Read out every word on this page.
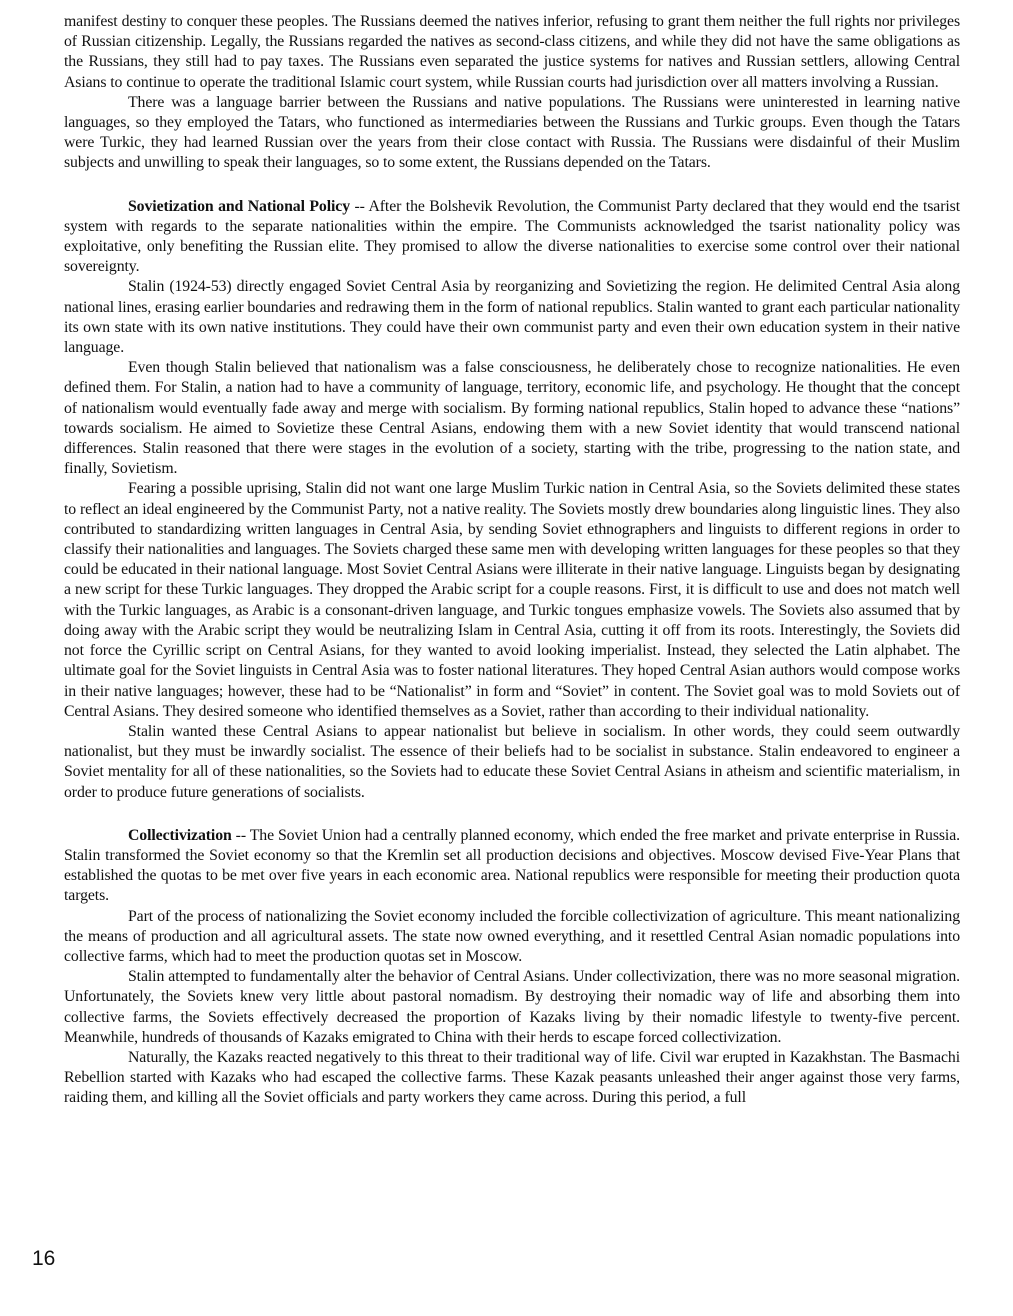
manifest destiny to conquer these peoples. The Russians deemed the natives inferior, refusing to grant them neither the full rights nor privileges of Russian citizenship. Legally, the Russians regarded the natives as second-class citizens, and while they did not have the same obligations as the Russians, they still had to pay taxes. The Russians even separated the justice systems for natives and Russian settlers, allowing Central Asians to continue to operate the traditional Islamic court system, while Russian courts had jurisdiction over all matters involving a Russian.

There was a language barrier between the Russians and native populations. The Russians were uninterested in learning native languages, so they employed the Tatars, who functioned as intermediaries between the Russians and Turkic groups. Even though the Tatars were Turkic, they had learned Russian over the years from their close contact with Russia. The Russians were disdainful of their Muslim subjects and unwilling to speak their languages, so to some extent, the Russians depended on the Tatars.

Sovietization and National Policy -- After the Bolshevik Revolution, the Communist Party declared that they would end the tsarist system with regards to the separate nationalities within the empire. The Communists acknowledged the tsarist nationality policy was exploitative, only benefiting the Russian elite. They promised to allow the diverse nationalities to exercise some control over their national sovereignty.

Stalin (1924-53) directly engaged Soviet Central Asia by reorganizing and Sovietizing the region. He delimited Central Asia along national lines, erasing earlier boundaries and redrawing them in the form of national republics. Stalin wanted to grant each particular nationality its own state with its own native institutions. They could have their own communist party and even their own education system in their native language.

Even though Stalin believed that nationalism was a false consciousness, he deliberately chose to recognize nationalities. He even defined them. For Stalin, a nation had to have a community of language, territory, economic life, and psychology. He thought that the concept of nationalism would eventually fade away and merge with socialism. By forming national republics, Stalin hoped to advance these “nations” towards socialism. He aimed to Sovietize these Central Asians, endowing them with a new Soviet identity that would transcend national differences. Stalin reasoned that there were stages in the evolution of a society, starting with the tribe, progressing to the nation state, and finally, Sovietism.

Fearing a possible uprising, Stalin did not want one large Muslim Turkic nation in Central Asia, so the Soviets delimited these states to reflect an ideal engineered by the Communist Party, not a native reality. The Soviets mostly drew boundaries along linguistic lines. They also contributed to standardizing written languages in Central Asia, by sending Soviet ethnographers and linguists to different regions in order to classify their nationalities and languages. The Soviets charged these same men with developing written languages for these peoples so that they could be educated in their national language. Most Soviet Central Asians were illiterate in their native language. Linguists began by designating a new script for these Turkic languages. They dropped the Arabic script for a couple reasons. First, it is difficult to use and does not match well with the Turkic languages, as Arabic is a consonant-driven language, and Turkic tongues emphasize vowels. The Soviets also assumed that by doing away with the Arabic script they would be neutralizing Islam in Central Asia, cutting it off from its roots. Interestingly, the Soviets did not force the Cyrillic script on Central Asians, for they wanted to avoid looking imperialist. Instead, they selected the Latin alphabet. The ultimate goal for the Soviet linguists in Central Asia was to foster national literatures. They hoped Central Asian authors would compose works in their native languages; however, these had to be “Nationalist” in form and “Soviet” in content. The Soviet goal was to mold Soviets out of Central Asians. They desired someone who identified themselves as a Soviet, rather than according to their individual nationality.

Stalin wanted these Central Asians to appear nationalist but believe in socialism. In other words, they could seem outwardly nationalist, but they must be inwardly socialist. The essence of their beliefs had to be socialist in substance. Stalin endeavored to engineer a Soviet mentality for all of these nationalities, so the Soviets had to educate these Soviet Central Asians in atheism and scientific materialism, in order to produce future generations of socialists.

Collectivization -- The Soviet Union had a centrally planned economy, which ended the free market and private enterprise in Russia. Stalin transformed the Soviet economy so that the Kremlin set all production decisions and objectives. Moscow devised Five-Year Plans that established the quotas to be met over five years in each economic area. National republics were responsible for meeting their production quota targets.

Part of the process of nationalizing the Soviet economy included the forcible collectivization of agriculture. This meant nationalizing the means of production and all agricultural assets. The state now owned everything, and it resettled Central Asian nomadic populations into collective farms, which had to meet the production quotas set in Moscow.

Stalin attempted to fundamentally alter the behavior of Central Asians. Under collectivization, there was no more seasonal migration. Unfortunately, the Soviets knew very little about pastoral nomadism. By destroying their nomadic way of life and absorbing them into collective farms, the Soviets effectively decreased the proportion of Kazaks living by their nomadic lifestyle to twenty-five percent. Meanwhile, hundreds of thousands of Kazaks emigrated to China with their herds to escape forced collectivization.

Naturally, the Kazaks reacted negatively to this threat to their traditional way of life. Civil war erupted in Kazakhstan. The Basmachi Rebellion started with Kazaks who had escaped the collective farms. These Kazak peasants unleashed their anger against those very farms, raiding them, and killing all the Soviet officials and party workers they came across. During this period, a full

16
